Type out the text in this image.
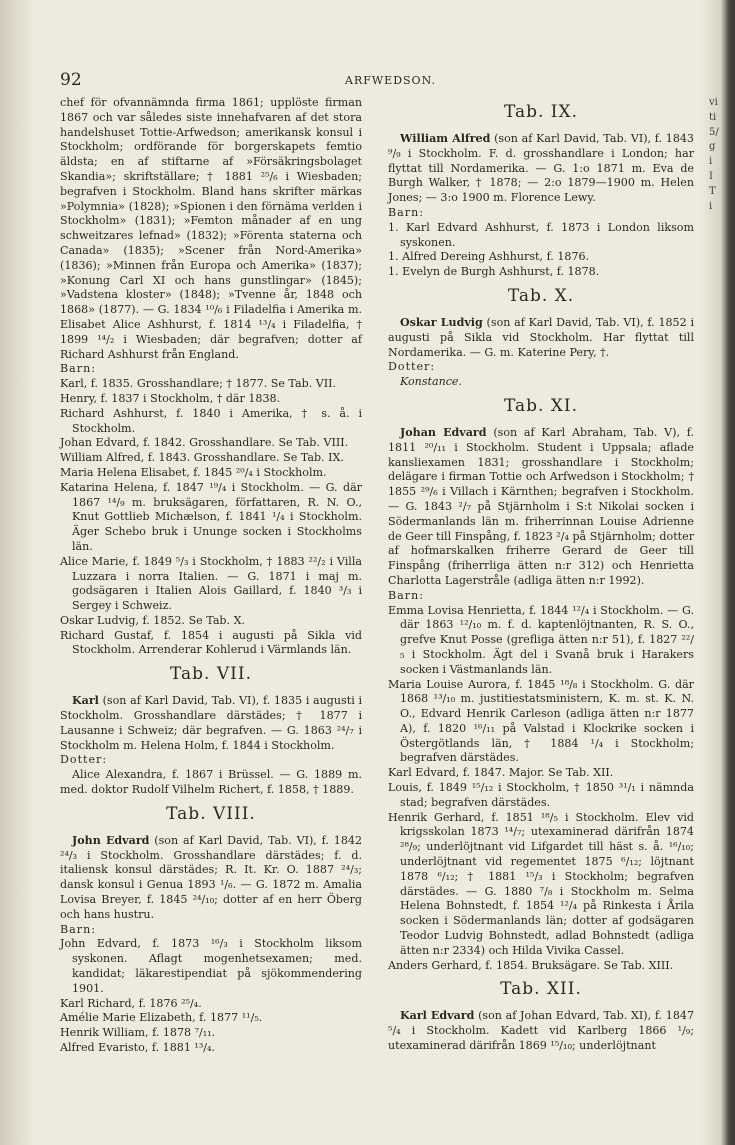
92	ARFWEDSON.

chef för ofvannämnda firma 1861; upplöste firman 1867 och var således siste innehafvaren af det stora handelshuset Tottie-Arfwedson; amerikansk konsul i Stockholm; ordförande för borgerskapets femtio äldsta; en af stiftarne af »Försäkringsbolaget Skandia»; skriftställare; † 1881 ²⁵/₆ i Wiesbaden; begrafven i Stockholm. Bland hans skrifter märkas »Polymnia» (1828); »Spionen i den förnäma verlden i Stockholm» (1831); »Femton månader af en ung schweitzares lefnad» (1832); »Förenta staterna och Canada» (1835); »Scener från Nord-Amerika» (1836); »Minnen från Europa och Amerika» (1837); »Konung Carl XI och hans gunstlingar» (1845); »Vadstena kloster» (1848); »Tvenne år, 1848 och 1868» (1877). — G. 1834 ¹⁰/₆ i Filadelfia i Amerika m. Elisabet Alice Ashhurst, f. 1814 ¹³/₄ i Filadelfia, † 1899 ¹⁴/₂ i Wiesbaden; där begrafven; dotter af Richard Ashhurst från England.

Barn:

Karl, f. 1835. Grosshandlare; † 1877. Se Tab. VII.

Henry, f. 1837 i Stockholm, † där 1838.

Richard Ashhurst, f. 1840 i Amerika, † s. å. i Stockholm.

Johan Edvard, f. 1842. Grosshandlare. Se Tab. VIII.

William Alfred, f. 1843. Grosshandlare. Se Tab. IX.

Maria Helena Elisabet, f. 1845 ²⁰/₄ i Stockholm.

Katarina Helena, f. 1847 ¹⁹/₄ i Stockholm. — G. där 1867 ¹⁴/₉ m. bruksägaren, författaren, R. N. O., Knut Gottlieb Michælson, f. 1841 ¹/₄ i Stockholm. Äger Schebo bruk i Ununge socken i Stockholms län.

Alice Marie, f. 1849 ⁵/₃ i Stockholm, † 1883 ²²/₂ i Villa Luzzara i norra Italien. — G. 1871 i maj m. godsägaren i Italien Alois Gaillard, f. 1840 ³/₃ i Sergey i Schweiz.

Oskar Ludvig, f. 1852. Se Tab. X.

Richard Gustaf, f. 1854 i augusti på Sikla vid Stockholm. Arrenderar Kohlerud i Värmlands län.

Tab. VII.

Karl (son af Karl David, Tab. VI), f. 1835 i augusti i Stockholm. Grosshandlare därstädes; † 1877 i Lausanne i Schweiz; där begrafven. — G. 1863 ²⁴/₇ i Stockholm m. Helena Holm, f. 1844 i Stockholm.

Dotter:

Alice Alexandra, f. 1867 i Brüssel. — G. 1889 m. med. doktor Rudolf Vilhelm Richert, f. 1858, † 1889.

Tab. VIII.

John Edvard (son af Karl David, Tab. VI), f. 1842 ²⁴/₃ i Stockholm. Grosshandlare därstädes; f. d. italiensk konsul därstädes; R. It. Kr. O. 1887 ²⁴/₃; dansk konsul i Genua 1893 ¹/₆. — G. 1872 m. Amalia Lovisa Breyer, f. 1845 ²⁴/₁₀; dotter af en herr Öberg och hans hustru.

Barn:

John Edvard, f. 1873 ¹⁶/₃ i Stockholm liksom syskonen. Aflagt mogenhetsexamen; med. kandidat; läkarestipendiat på sjökommendering 1901.

Karl Richard, f. 1876 ²⁵/₄.

Amélie Marie Elizabeth, f. 1877 ¹¹/₅.

Henrik William, f. 1878 ⁷/₁₁.

Alfred Evaristo, f. 1881 ¹³/₄.

Tab. IX.

William Alfred (son af Karl David, Tab. VI), f. 1843 ⁹/₉ i Stockholm. F. d. grosshandlare i London; har flyttat till Nordamerika. — G. 1:o 1871 m. Eva de Burgh Walker, † 1878; — 2:o 1879—1900 m. Helen Jones; — 3:o 1900 m. Florence Lewy.

Barn:

1. Karl Edvard Ashhurst, f. 1873 i London liksom syskonen.

1. Alfred Dereing Ashhurst, f. 1876.

1. Evelyn de Burgh Ashhurst, f. 1878.

Tab. X.

Oskar Ludvig (son af Karl David, Tab. VI), f. 1852 i augusti på Sikla vid Stockholm. Har flyttat till Nordamerika. — G. m. Katerine Pery, †.

Dotter:

Konstance.

Tab. XI.

Johan Edvard (son af Karl Abraham, Tab. V), f. 1811 ²⁰/₁₁ i Stockholm. Student i Uppsala; aflade kansliexamen 1831; grosshandlare i Stockholm; delägare i firman Tottie och Arfwedson i Stockholm; † 1855 ²⁹/₆ i Villach i Kärnthen; begrafven i Stockholm. — G. 1843 ²/₇ på Stjärnholm i S:t Nikolai socken i Södermanlands län m. friherrinnan Louise Adrienne de Geer till Finspång, f. 1823 ²/₄ på Stjärnholm; dotter af hofmarskalken friherre Gerard de Geer till Finspång (friherrliga ätten n:r 312) och Henrietta Charlotta Lagerstråle (adliga ätten n:r 1992).

Barn:

Emma Lovisa Henrietta, f. 1844 ¹²/₄ i Stockholm. — G. där 1863 ¹²/₁₀ m. f. d. kaptenlöjtnanten, R. S. O., grefve Knut Posse (grefliga ätten n:r 51), f. 1827 ²²/₅ i Stockholm. Ägt del i Svanå bruk i Harakers socken i Västmanlands län.

Maria Louise Aurora, f. 1845 ¹⁸/₈ i Stockholm. G. där 1868 ¹³/₁₀ m. justitiestatsministern, K. m. st. K. N. O., Edvard Henrik Carleson (adliga ätten n:r 1877 A), f. 1820 ¹⁶/₁₁ på Valstad i Klockrike socken i Östergötlands län, † 1884 ¹/₄ i Stockholm; begrafven därstädes.

Karl Edvard, f. 1847. Major. Se Tab. XII.

Louis, f. 1849 ¹⁵/₁₂ i Stockholm, † 1850 ³¹/₁ i nämnda stad; begrafven därstädes.

Henrik Gerhard, f. 1851 ¹⁸/₅ i Stockholm. Elev vid krigsskolan 1873 ¹⁴/₇; utexaminerad därifrån 1874 ²⁸/₉; underlöjtnant vid Lifgardet till häst s. å. ¹⁶/₁₀; underlöjtnant vid regementet 1875 ⁶/₁₂; löjtnant 1878 ⁶/₁₂; † 1881 ¹⁵/₃ i Stockholm; begrafven därstädes. — G. 1880 ⁷/₈ i Stockholm m. Selma Helena Bohnstedt, f. 1854 ¹²/₄ på Rinkesta i Årila socken i Södermanlands län; dotter af godsägaren Teodor Ludvig Bohnstedt, adlad Bohnstedt (adliga ätten n:r 2334) och Hilda Vivika Cassel.

Anders Gerhard, f. 1854. Bruksägare. Se Tab. XIII.

Tab. XII.

Karl Edvard (son af Johan Edvard, Tab. XI), f. 1847 ⁵/₄ i Stockholm. Kadett vid Karlberg 1866 ¹/₉; utexaminerad därifrån 1869 ¹⁵/₁₀; underlöjtnant

vi
ti
5/
g
i
I
T
i
